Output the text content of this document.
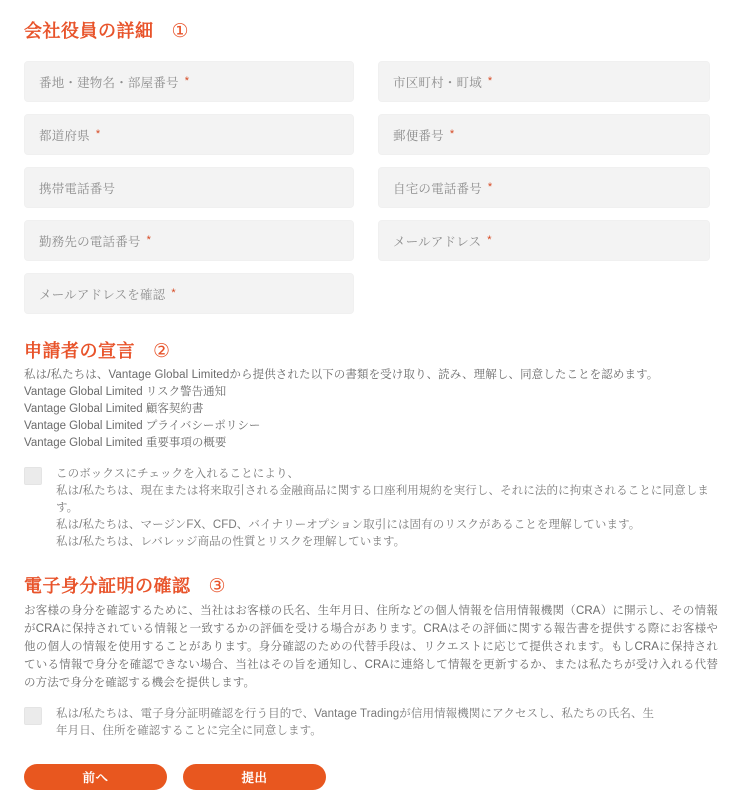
会社役員の詳細 ①
番地・建物名・部屋番号 *	市区町村・町域 *
都道府県 *	郵便番号 *
携帯電話番号	自宅の電話番号 *
勤務先の電話番号 *	メールアドレス *
メールアドレスを確認 *
申請者の宣言 ②
私は/私たちは、Vantage Global Limitedから提供された以下の書類を受け取り、読み、理解し、同意したことを認めます。
Vantage Global Limited リスク警告通知
Vantage Global Limited 顧客契約書
Vantage Global Limited プライバシーポリシー
Vantage Global Limited 重要事項の概要
このボックスにチェックを入れることにより、
私は/私たちは、現在または将来取引される金融商品に関する口座利用規約を実行し、それに法的に拘束されることに同意します。
私は/私たちは、マージンFX、CFD、バイナリーオプション取引には固有のリスクがあることを理解しています。
私は/私たちは、レバレッジ商品の性質とリスクを理解しています。
電子身分証明の確認 ③
お客様の身分を確認するために、当社はお客様の氏名、生年月日、住所などの個人情報を信用情報機関（CRA）に開示し、その情報がCRAに保持されている情報と一致するかの評価を受ける場合があります。CRAはその評価に関する報告書を提供する際にお客様や他の個人の情報を使用することがあります。身分確認のための代替手段は、リクエストに応じて提供されます。もしCRAに保持されている情報で身分を確認できない場合、当社はその旨を通知し、CRAに連絡して情報を更新するか、または私たちが受け入れる代替の方法で身分を確認する機会を提供します。
私は/私たちは、電子身分証明確認を行う目的で、Vantage Tradingが信用情報機関にアクセスし、私たちの氏名、生年月日、住所を確認することに完全に同意します。
前へ	提出
